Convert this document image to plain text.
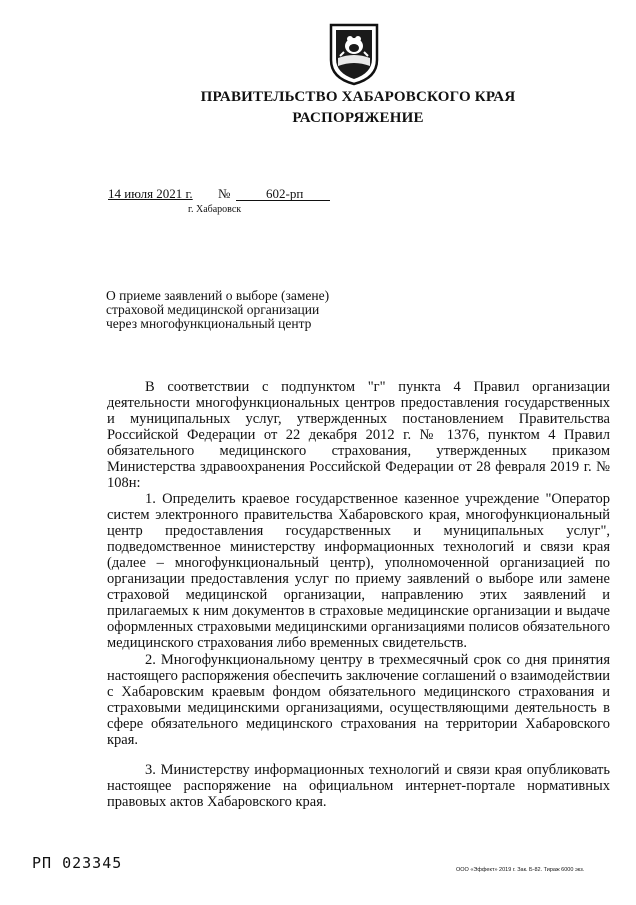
ПРАВИТЕЛЬСТВО ХАБАРОВСКОГО КРАЯ
РАСПОРЯЖЕНИЕ
14 июля 2021 г. №	602-рп
г. Хабаровск
О приеме заявлений о выборе (замене)
страховой медицинской организации
через многофункциональный центр

В соответствии с подпунктом "г" пункта 4 Правил организации деятельности многофункциональных центров предоставления государственных и муниципальных услуг, утвержденных постановлением Правительства Российской Федерации от 22 декабря 2012 г. № 1376, пунктом 4 Правил обязательного медицинского страхования, утвержденных приказом Министерства здравоохранения Российской Федерации от 28 февраля 2019 г. № 108н:

1. Определить краевое государственное казенное учреждение "Оператор систем электронного правительства Хабаровского края, многофункциональный центр предоставления государственных и муниципальных услуг", подведомственное министерству информационных технологий и связи края (далее – многофункциональный центр), уполномоченной организацией по организации предоставления услуг по приему заявлений о выборе или замене страховой медицинской организации, направлению этих заявлений и прилагаемых к ним документов в страховые медицинские организации и выдаче оформленных страховыми медицинскими организациями полисов обязательного медицинского страхования либо временных свидетельств.

2. Многофункциональному центру в трехмесячный срок со дня принятия настоящего распоряжения обеспечить заключение соглашений о взаимодействии с Хабаровским краевым фондом обязательного медицинского страхования и страховыми медицинскими организациями, осуществляющими деятельность в сфере обязательного медицинского страхования на территории Хабаровского края.

3. Министерству информационных технологий и связи края опубликовать настоящее распоряжение на официальном интернет-портале нормативных правовых актов Хабаровского края.

РП 023345	ООО «Эффект» 2019 г. Зак. Б-82. Тираж 6000 экз.
